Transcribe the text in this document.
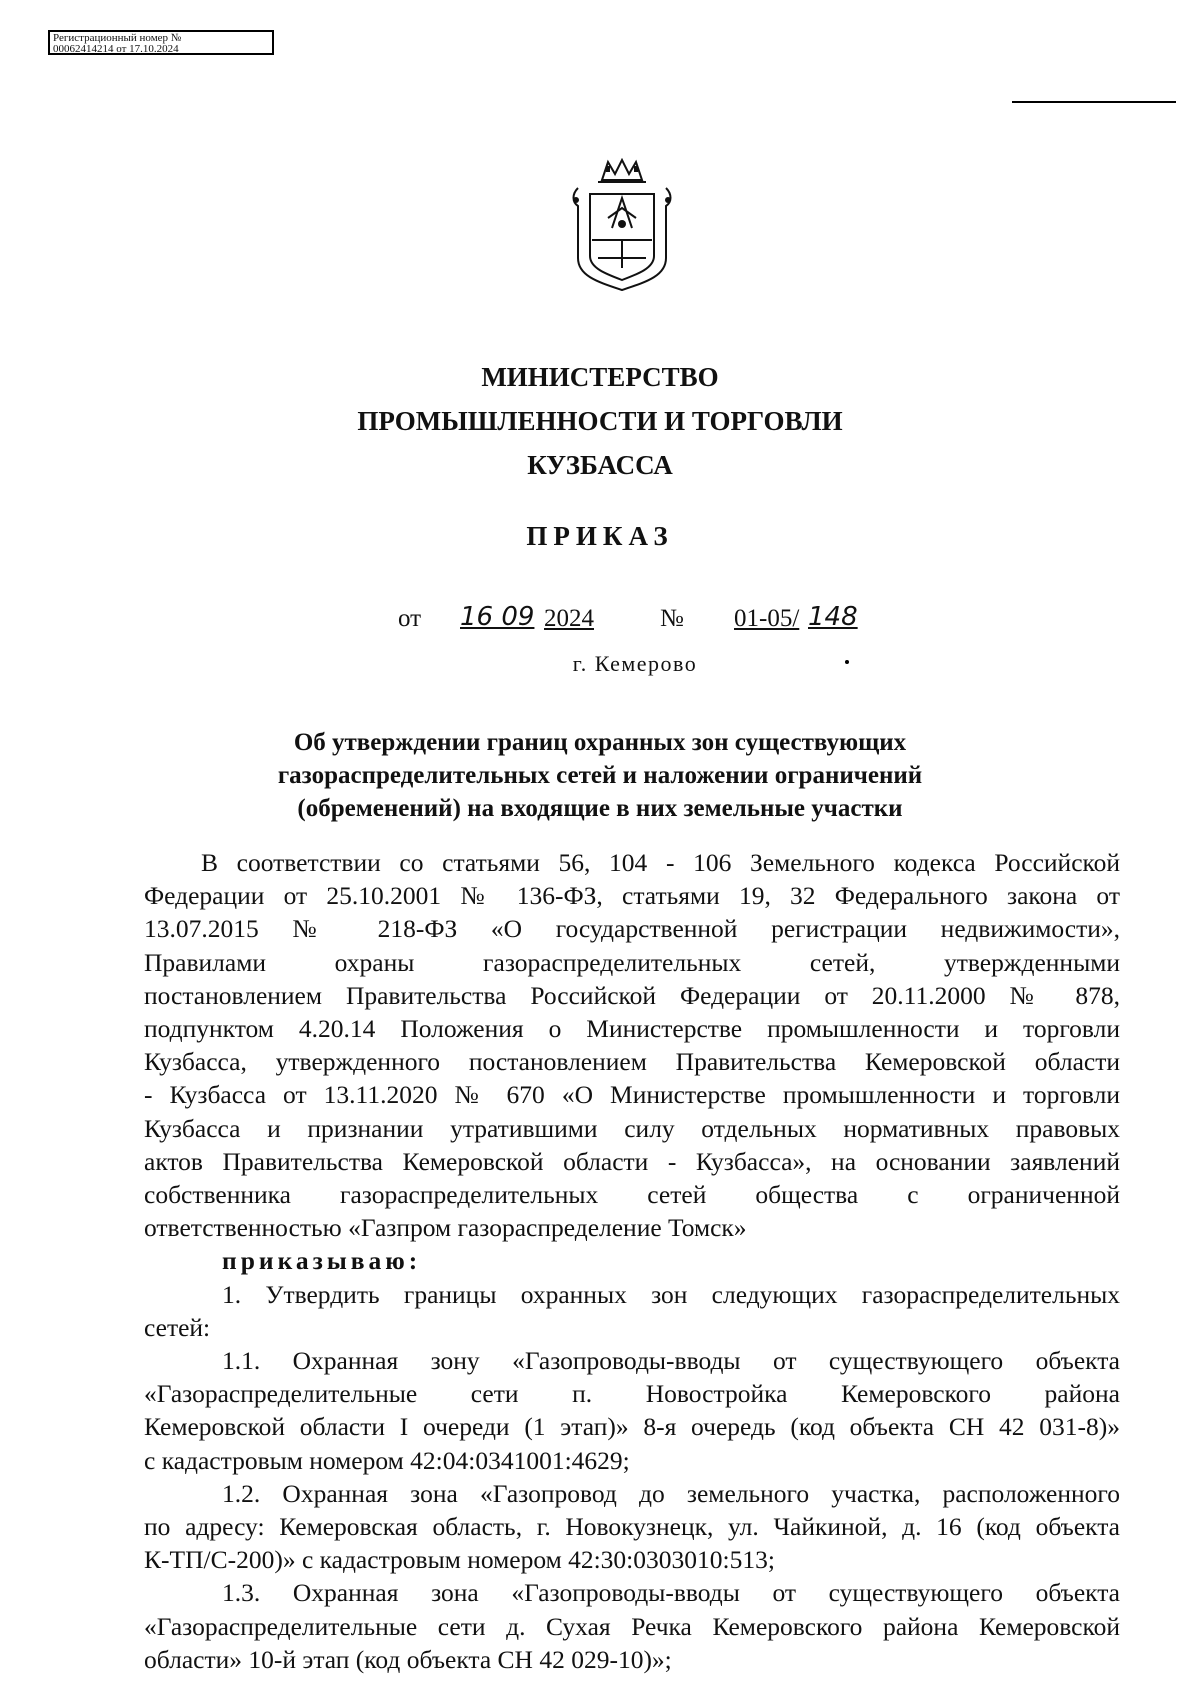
Регистрационный номер №
00062414214 от 17.10.2024
МИНИСТЕРСТВО
ПРОМЫШЛЕННОСТИ И ТОРГОВЛИ
КУЗБАССА
ПРИКАЗ
от 16 09 2024	№ 01-05/ 148
г. Кемерово
Об утверждении границ охранных зон существующих
газораспределительных сетей и наложении ограничений
(обременений) на входящие в них земельные участки
В соответствии со статьями 56, 104 - 106 Земельного кодекса Российской
Федерации от 25.10.2001 № 136-ФЗ, статьями 19, 32 Федерального закона от
13.07.2015 № 218-ФЗ «О государственной регистрации недвижимости»,
Правилами охраны газораспределительных сетей, утвержденными
постановлением Правительства Российской Федерации от 20.11.2000 № 878,
подпунктом 4.20.14 Положения о Министерстве промышленности и торговли
Кузбасса, утвержденного постановлением Правительства Кемеровской области
- Кузбасса от 13.11.2020 № 670 «О Министерстве промышленности и торговли
Кузбасса и признании утратившими силу отдельных нормативных правовых
актов Правительства Кемеровской области - Кузбасса», на основании заявлений
собственника газораспределительных сетей общества с ограниченной
ответственностью «Газпром газораспределение Томск»
приказываю:
1. Утвердить границы охранных зон следующих газораспределительных
сетей:
1.1. Охранная зону «Газопроводы-вводы от существующего объекта
«Газораспределительные сети п. Новостройка Кемеровского района
Кемеровской области I очереди (1 этап)» 8-я очередь (код объекта СН 42 031-8)»
с кадастровым номером 42:04:0341001:4629;
1.2. Охранная зона «Газопровод до земельного участка, расположенного
по адресу: Кемеровская область, г. Новокузнецк, ул. Чайкиной, д. 16 (код объекта
К-ТП/С-200)» с кадастровым номером 42:30:0303010:513;
1.3. Охранная зона «Газопроводы-вводы от существующего объекта
«Газораспределительные сети д. Сухая Речка Кемеровского района Кемеровской
области» 10-й этап (код объекта СН 42 029-10)»;
